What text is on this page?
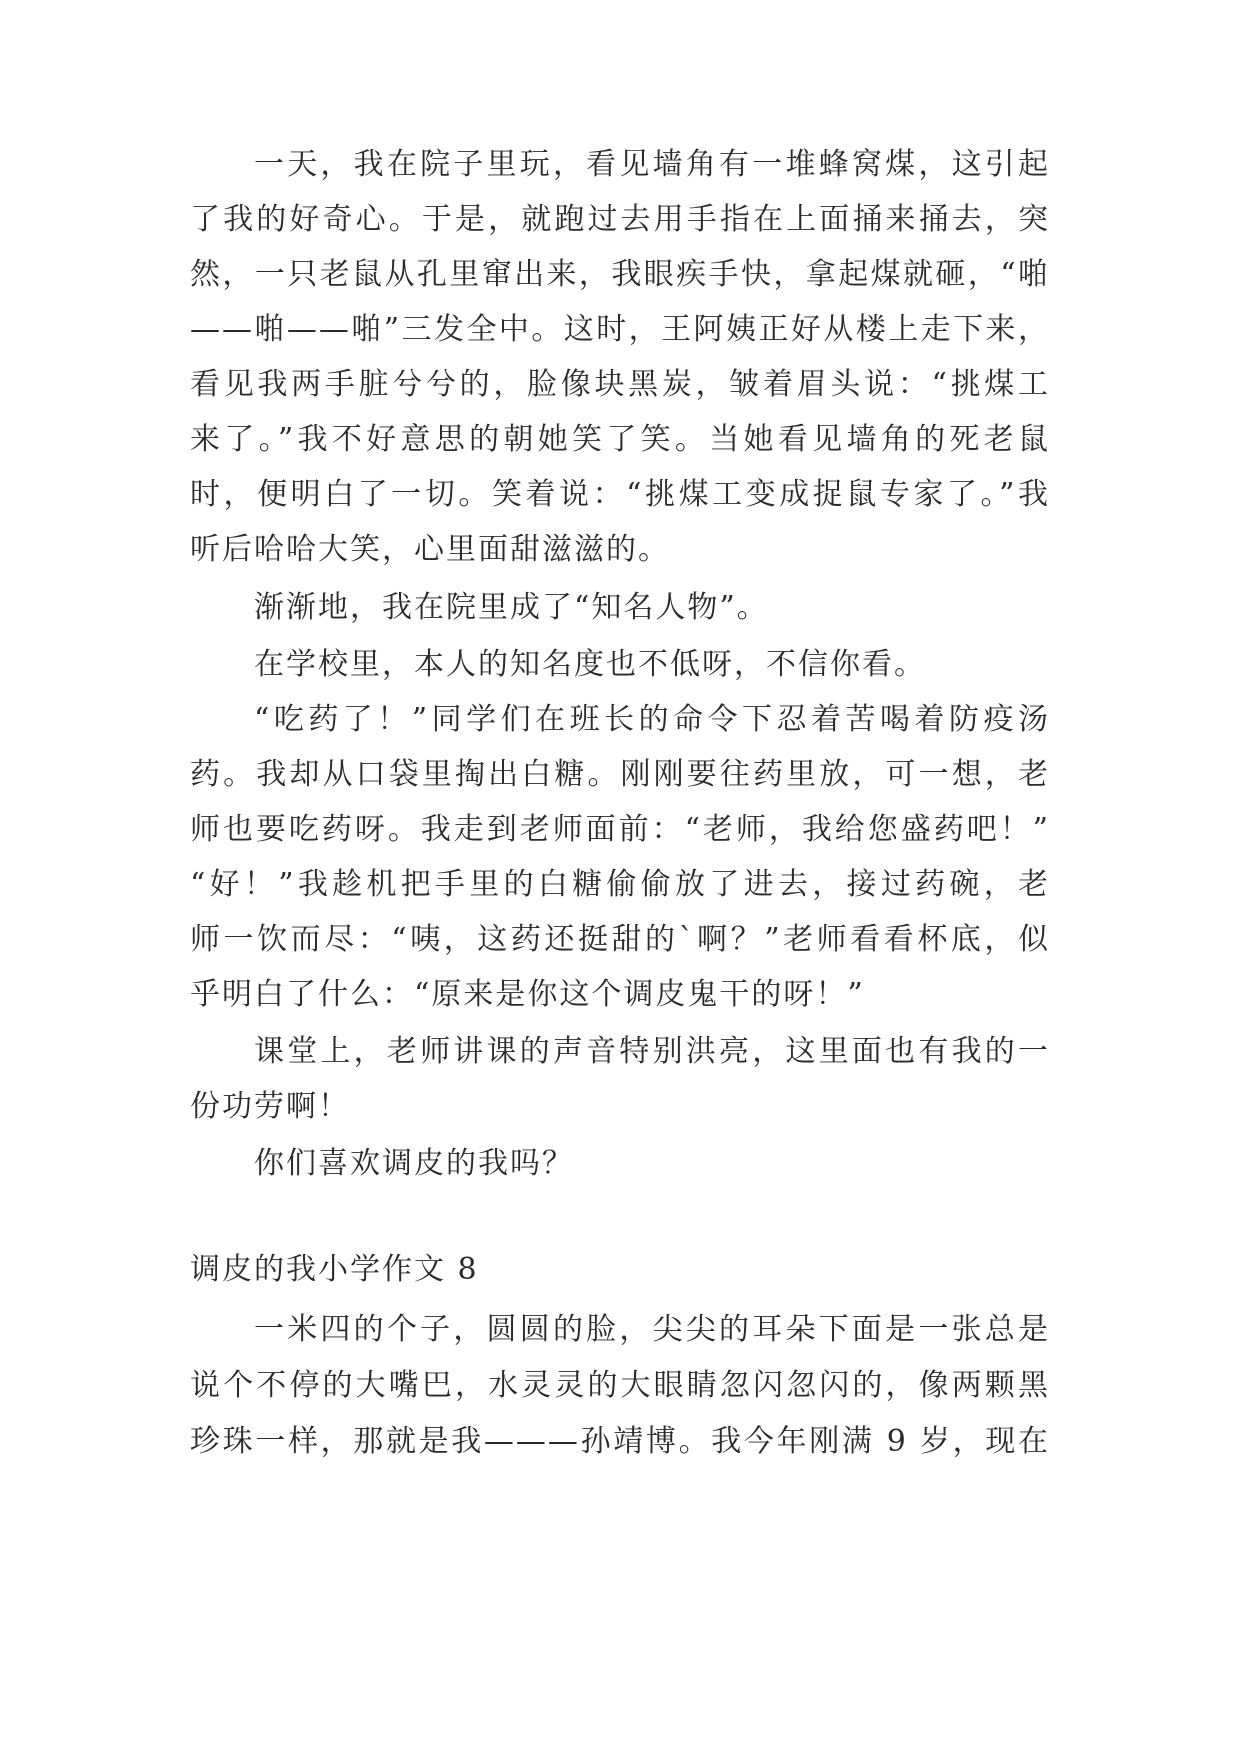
一天，我在院子里玩，看见墙角有一堆蜂窝煤，这引起
了我的好奇心。于是，就跑过去用手指在上面捅来捅去，突
然，一只老鼠从孔里窜出来，我眼疾手快，拿起煤就砸，“啪
——啪——啪”三发全中。这时，王阿姨正好从楼上走下来，
看见我两手脏兮兮的，脸像块黑炭，皱着眉头说：“挑煤工
来了。”我不好意思的朝她笑了笑。当她看见墙角的死老鼠
时，便明白了一切。笑着说：“挑煤工变成捉鼠专家了。”我
听后哈哈大笑，心里面甜滋滋的。
渐渐地，我在院里成了“知名人物”。
在学校里，本人的知名度也不低呀，不信你看。
“吃药了！”同学们在班长的命令下忍着苦喝着防疫汤
药。我却从口袋里掏出白糖。刚刚要往药里放，可一想，老
师也要吃药呀。我走到老师面前：“老师，我给您盛药吧！”
“好！”我趁机把手里的白糖偷偷放了进去，接过药碗，老
师一饮而尽：“咦，这药还挺甜的`啊？”老师看看杯底，似
乎明白了什么：“原来是你这个调皮鬼干的呀！”
课堂上，老师讲课的声音特别洪亮，这里面也有我的一
份功劳啊！
你们喜欢调皮的我吗？
调皮的我小学作文 8
一米四的个子，圆圆的脸，尖尖的耳朵下面是一张总是
说个不停的大嘴巴，水灵灵的大眼睛忽闪忽闪的，像两颗黑
珍珠一样，那就是我———孙靖博。我今年刚满 9 岁，现在
